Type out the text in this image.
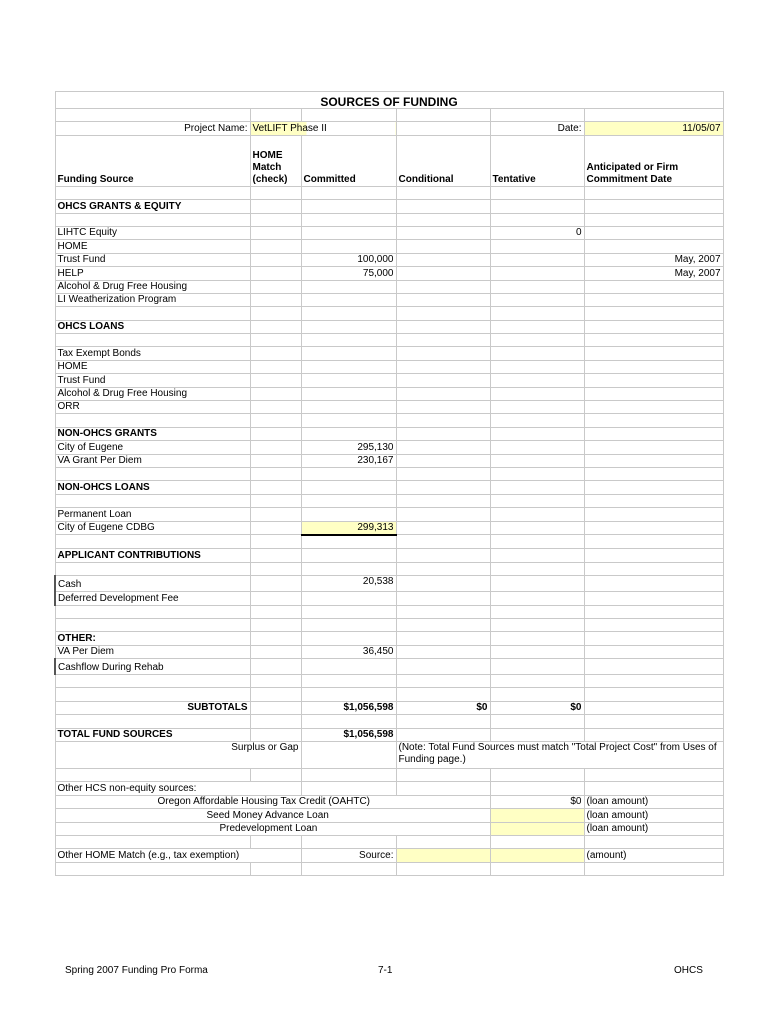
SOURCES OF FUNDING					

Project Name:	VetLIFT Phase II			Date:	11/05/07
Funding Source	HOME Match (check)	Committed	Conditional	Tentative	Anticipated or Firm Commitment Date

OHCS GRANTS & EQUITY					

LIHTC Equity				0	
HOME					
Trust Fund		100,000			May, 2007
HELP		75,000			May, 2007
Alcohol & Drug Free Housing					
LI Weatherization Program					

OHCS LOANS					

Tax Exempt Bonds					
HOME					
Trust Fund					
Alcohol & Drug Free Housing					
ORR					

NON-OHCS GRANTS					
City of Eugene		295,130			
VA Grant Per Diem		230,167			

NON-OHCS LOANS					

Permanent Loan					
City of Eugene CDBG		299,313			

APPLICANT CONTRIBUTIONS					

Cash		20,538			
Deferred Development Fee					

OTHER:					
VA Per Diem		36,450			
Cashflow During Rehab					

SUBTOTALS		$1,056,598	$0	$0	

TOTAL FUND SOURCES		$1,056,598			
Surplus or Gap			(Note: Total Fund Sources must match "Total Project Cost" from Uses of Funding page.)		

Other HCS non-equity sources:					
Oregon Affordable Housing Tax Credit (OAHTC)				$0	(loan amount)
Seed Money Advance Loan					(loan amount)
Predevelopment Loan					(loan amount)

Other HOME Match (e.g., tax exemption)		Source:			(amount)

Spring 2007 Funding Pro Forma	7-1	OHCS
